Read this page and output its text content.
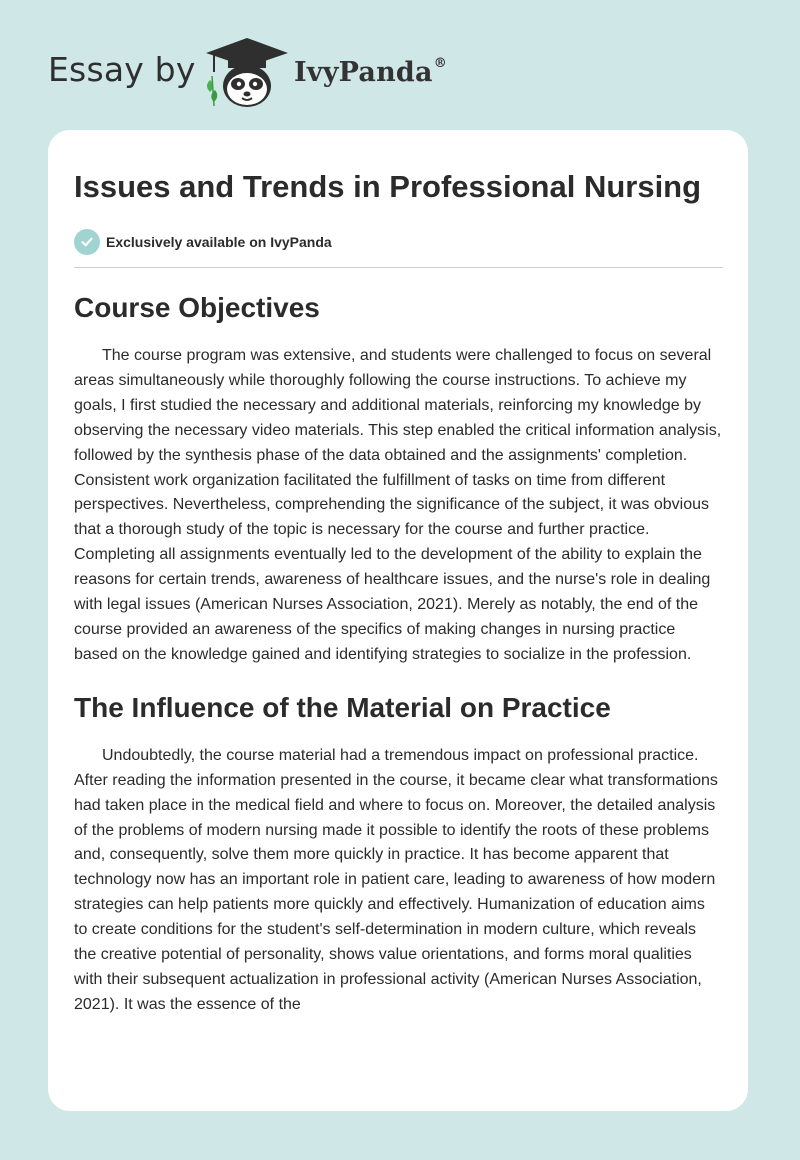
Essay by	IvyPanda®
Issues and Trends in Professional Nursing
Exclusively available on IvyPanda
Course Objectives

The course program was extensive, and students were challenged to focus on several areas simultaneously while thoroughly following the course instructions. To achieve my goals, I first studied the necessary and additional materials, reinforcing my knowledge by observing the necessary video materials. This step enabled the critical information analysis, followed by the synthesis phase of the data obtained and the assignments' completion. Consistent work organization facilitated the fulfillment of tasks on time from different perspectives. Nevertheless, comprehending the significance of the subject, it was obvious that a thorough study of the topic is necessary for the course and further practice. Completing all assignments eventually led to the development of the ability to explain the reasons for certain trends, awareness of healthcare issues, and the nurse's role in dealing with legal issues (American Nurses Association, 2021). Merely as notably, the end of the course provided an awareness of the specifics of making changes in nursing practice based on the knowledge gained and identifying strategies to socialize in the profession.

The Influence of the Material on Practice

Undoubtedly, the course material had a tremendous impact on professional practice. After reading the information presented in the course, it became clear what transformations had taken place in the medical field and where to focus on. Moreover, the detailed analysis of the problems of modern nursing made it possible to identify the roots of these problems and, consequently, solve them more quickly in practice. It has become apparent that technology now has an important role in patient care, leading to awareness of how modern strategies can help patients more quickly and effectively. Humanization of education aims to create conditions for the student's self-determination in modern culture, which reveals the creative potential of personality, shows value orientations, and forms moral qualities with their subsequent actualization in professional activity (American Nurses Association, 2021). It was the essence of the
